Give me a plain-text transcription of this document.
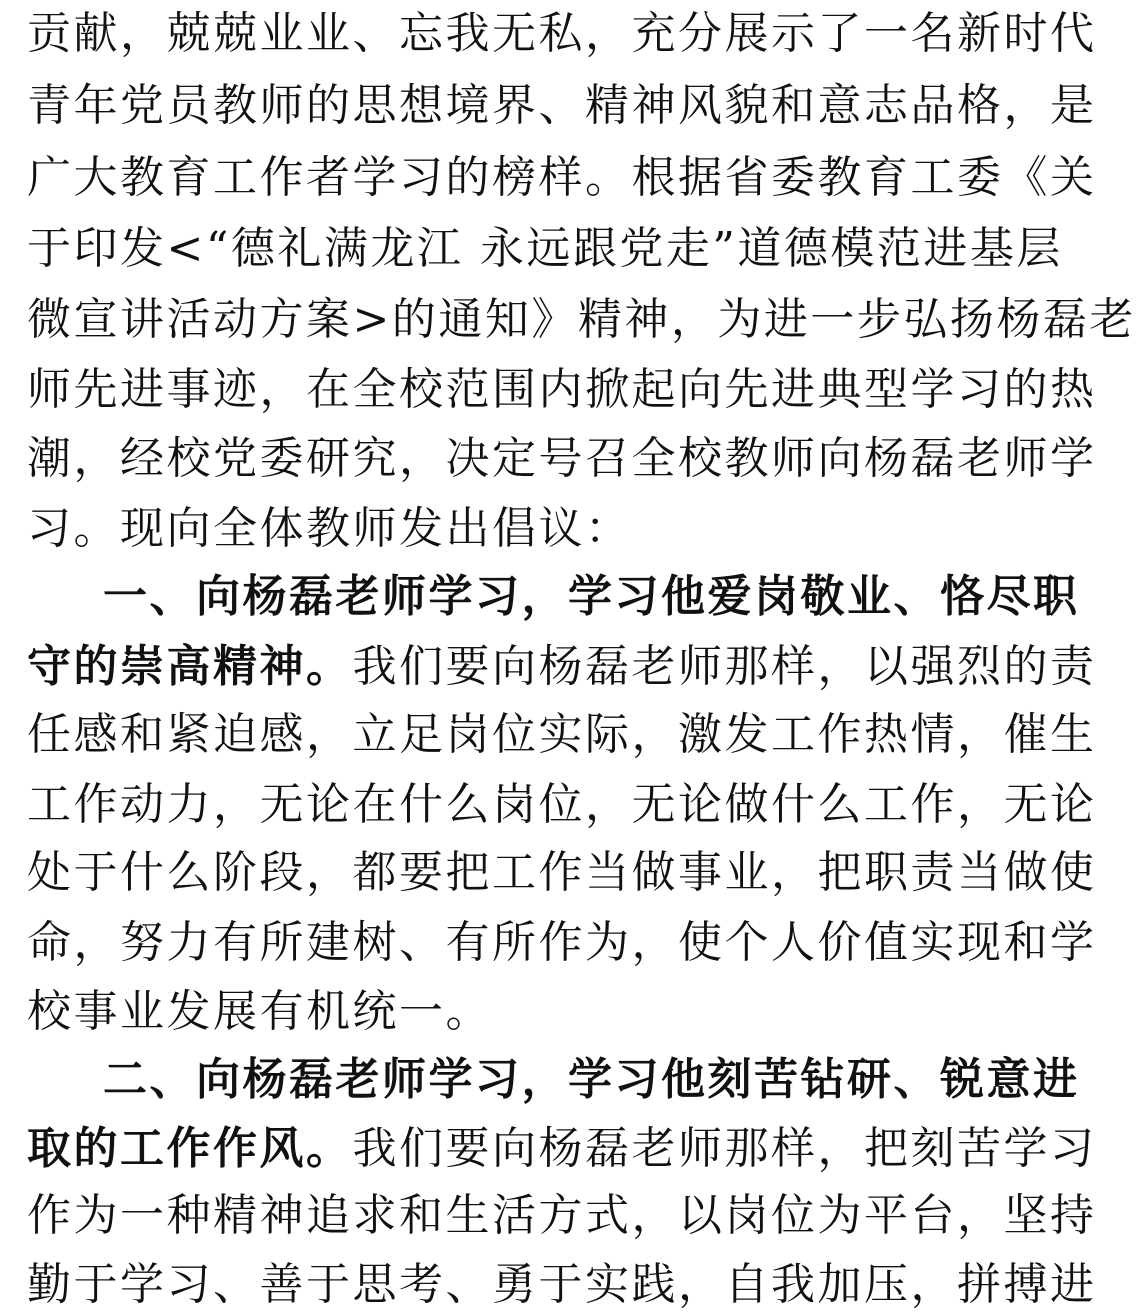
贡献，兢兢业业、忘我无私，充分展示了一名新时代
青年党员教师的思想境界、精神风貌和意志品格，是
广大教育工作者学习的榜样。根据省委教育工委《关
于印发<“德礼满龙江 永远跟党走”道德模范进基层
微宣讲活动方案>的通知》精神，为进一步弘扬杨磊老
师先进事迹，在全校范围内掀起向先进典型学习的热
潮，经校党委研究，决定号召全校教师向杨磊老师学
习。现向全体教师发出倡议：
一、向杨磊老师学习，学习他爱岗敬业、恪尽职
守的崇高精神。我们要向杨磊老师那样，以强烈的责
任感和紧迫感，立足岗位实际，激发工作热情，催生
工作动力，无论在什么岗位，无论做什么工作，无论
处于什么阶段，都要把工作当做事业，把职责当做使
命，努力有所建树、有所作为，使个人价值实现和学
校事业发展有机统一。
二、向杨磊老师学习，学习他刻苦钻研、锐意进
取的工作作风。我们要向杨磊老师那样，把刻苦学习
作为一种精神追求和生活方式，以岗位为平台，坚持
勤于学习、善于思考、勇于实践，自我加压，拼搏进
